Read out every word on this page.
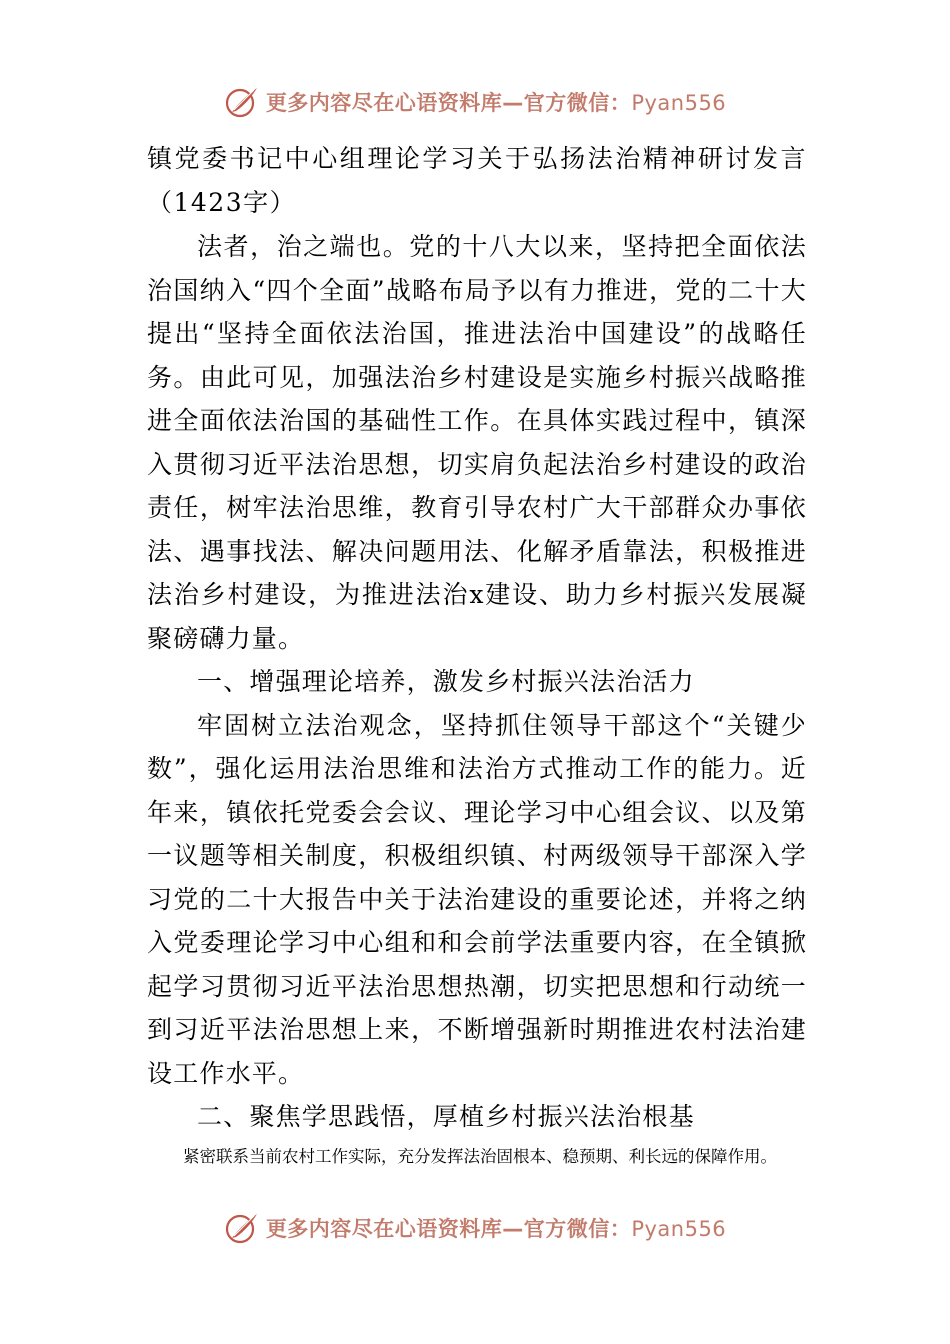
更多内容尽在心语资料库—官方微信：Pyan556
镇党委书记中心组理论学习关于弘扬法治精神研讨发言（1423字）

法者，治之端也。党的十八大以来，坚持把全面依法治国纳入“四个全面”战略布局予以有力推进，党的二十大提出“坚持全面依法治国，推进法治中国建设”的战略任务。由此可见，加强法治乡村建设是实施乡村振兴战略推进全面依法治国的基础性工作。在具体实践过程中，镇深入贯彻习近平法治思想，切实肩负起法治乡村建设的政治责任，树牢法治思维，教育引导农村广大干部群众办事依法、遇事找法、解决问题用法、化解矛盾靠法，积极推进法治乡村建设，为推进法治x建设、助力乡村振兴发展凝聚磅礴力量。

一、增强理论培养，激发乡村振兴法治活力

牢固树立法治观念，坚持抓住领导干部这个“关键少数”，强化运用法治思维和法治方式推动工作的能力。近年来，镇依托党委会会议、理论学习中心组会议、以及第一议题等相关制度，积极组织镇、村两级领导干部深入学习党的二十大报告中关于法治建设的重要论述，并将之纳入党委理论学习中心组和和会前学法重要内容，在全镇掀起学习贯彻习近平法治思想热潮，切实把思想和行动统一到习近平法治思想上来，不断增强新时期推进农村法治建设工作水平。

二、聚焦学思践悟，厚植乡村振兴法治根基

紧密联系当前农村工作实际，充分发挥法治固根本、稳预期、利长远的保障作用。

更多内容尽在心语资料库—官方微信：Pyan556
